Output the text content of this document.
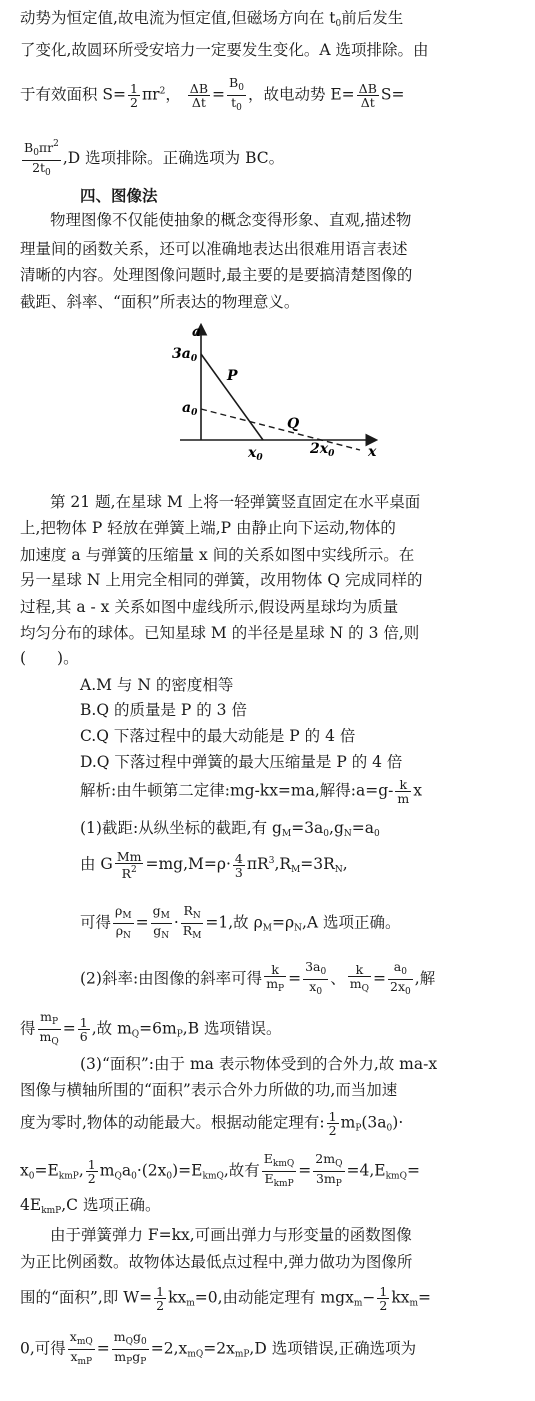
动势为恒定值,故电流为恒定值,但磁场方向在 $t_0$前后发生
了变化,故圆环所受安培力一定要发生变化。A 选项排除。由
于有效面积 $S= \frac{1}{2} \pi r^2$， $\frac{\Delta B}{\Delta t} = \frac{B_0}{t_0}$ ，故电动势 $E= \frac{\Delta B}{\Delta t} S=$
$\frac{B_0\pi r^2}{2t_0} ,D$ 选项排除。正确选项为 BC。
四、图像法
物理图像不仅能使抽象的概念变得形象、直观,描述物
理量间的函数关系，还可以准确地表达出很难用语言表述
清晰的内容。处理图像问题时,最主要的是要搞清楚图像的
截距、斜率、“面积”所表达的物理意义。
a
x
$3a_0$
$a_0$
$x_0$
$2x_0$
P
Q
第 21 题,在星球 M 上将一轻弹簧竖直固定在水平桌面
上,把物体 P 轻放在弹簧上端,P 由静止向下运动,物体的
加速度 a 与弹簧的压缩量 x 间的关系如图中实线所示。在
另一星球 N 上用完全相同的弹簧，改用物体 Q 完成同样的
过程,其 a - x 关系如图中虚线所示,假设两星球均为质量
均匀分布的球体。已知星球 M 的半径是星球 N 的 3 倍,则
(　　)。
A.M 与 N 的密度相等
B.Q 的质量是 P 的 3 倍
C.Q 下落过程中的最大动能是 P 的 4 倍
D.Q 下落过程中弹簧的最大压缩量是 P 的 4 倍
解析:由牛顿第二定律:mg-kx=ma,解得:a=g- $\frac{k}{m}$ x
(1)截距:从纵坐标的截距,有 $g_M=3a_0,g_N=a_0$
由 G $\frac{Mm}{R^2} =mg,M=\rho\cdot \frac{4}{3} \pi R^3,R_M=3R_N$,
可得 $\frac{\rho_M}{\rho_N} = \frac{g_M}{g_N} \cdot \frac{R_N}{R_M} =1$,故 $\rho_M=\rho_N,A$ 选项正确。
(2)斜率:由图像的斜率可得 $\frac{k}{m_P} = \frac{3a_0}{x_0}$ 、 $\frac{k}{m_Q} = \frac{a_0}{2x_0}$ ,解
得 $\frac{m_P}{m_Q} = \frac{1}{6}$ ,故 $m_Q=6m_P,B$ 选项错误。
(3)“面积”:由于 ma 表示物体受到的合外力,故 ma-x
图像与横轴所围的“面积”表示合外力所做的功,而当加速
度为零时,物体的动能最大。根据动能定理有: $\frac{1}{2} m_P(3a_0)\cdot$
$x_0=E_{kmP}$, $\frac{1}{2} m_Qa_0\cdot(2x_0)=E_{kmQ}$,故有 $\frac{E_{kmQ}}{E_{kmP}} = \frac{2m_Q}{3m_P} =4,E_{kmQ}=$
$4E_{kmP},C$ 选项正确。
由于弹簧弹力 F=kx,可画出弹力与形变量的函数图像
为正比例函数。故物体达最低点过程中,弹力做功为图像所
围的“面积”,即 $W= \frac{1}{2} kx_m=0$,由动能定理有 $mgx_m- \frac{1}{2} kx_m=$
0,可得 $\frac{x_{mQ}}{x_{mP}} = \frac{m_Qg_0}{m_Pg_P} =2,x_{mQ}=2x_{mP},D$ 选项错误,正确选项为
